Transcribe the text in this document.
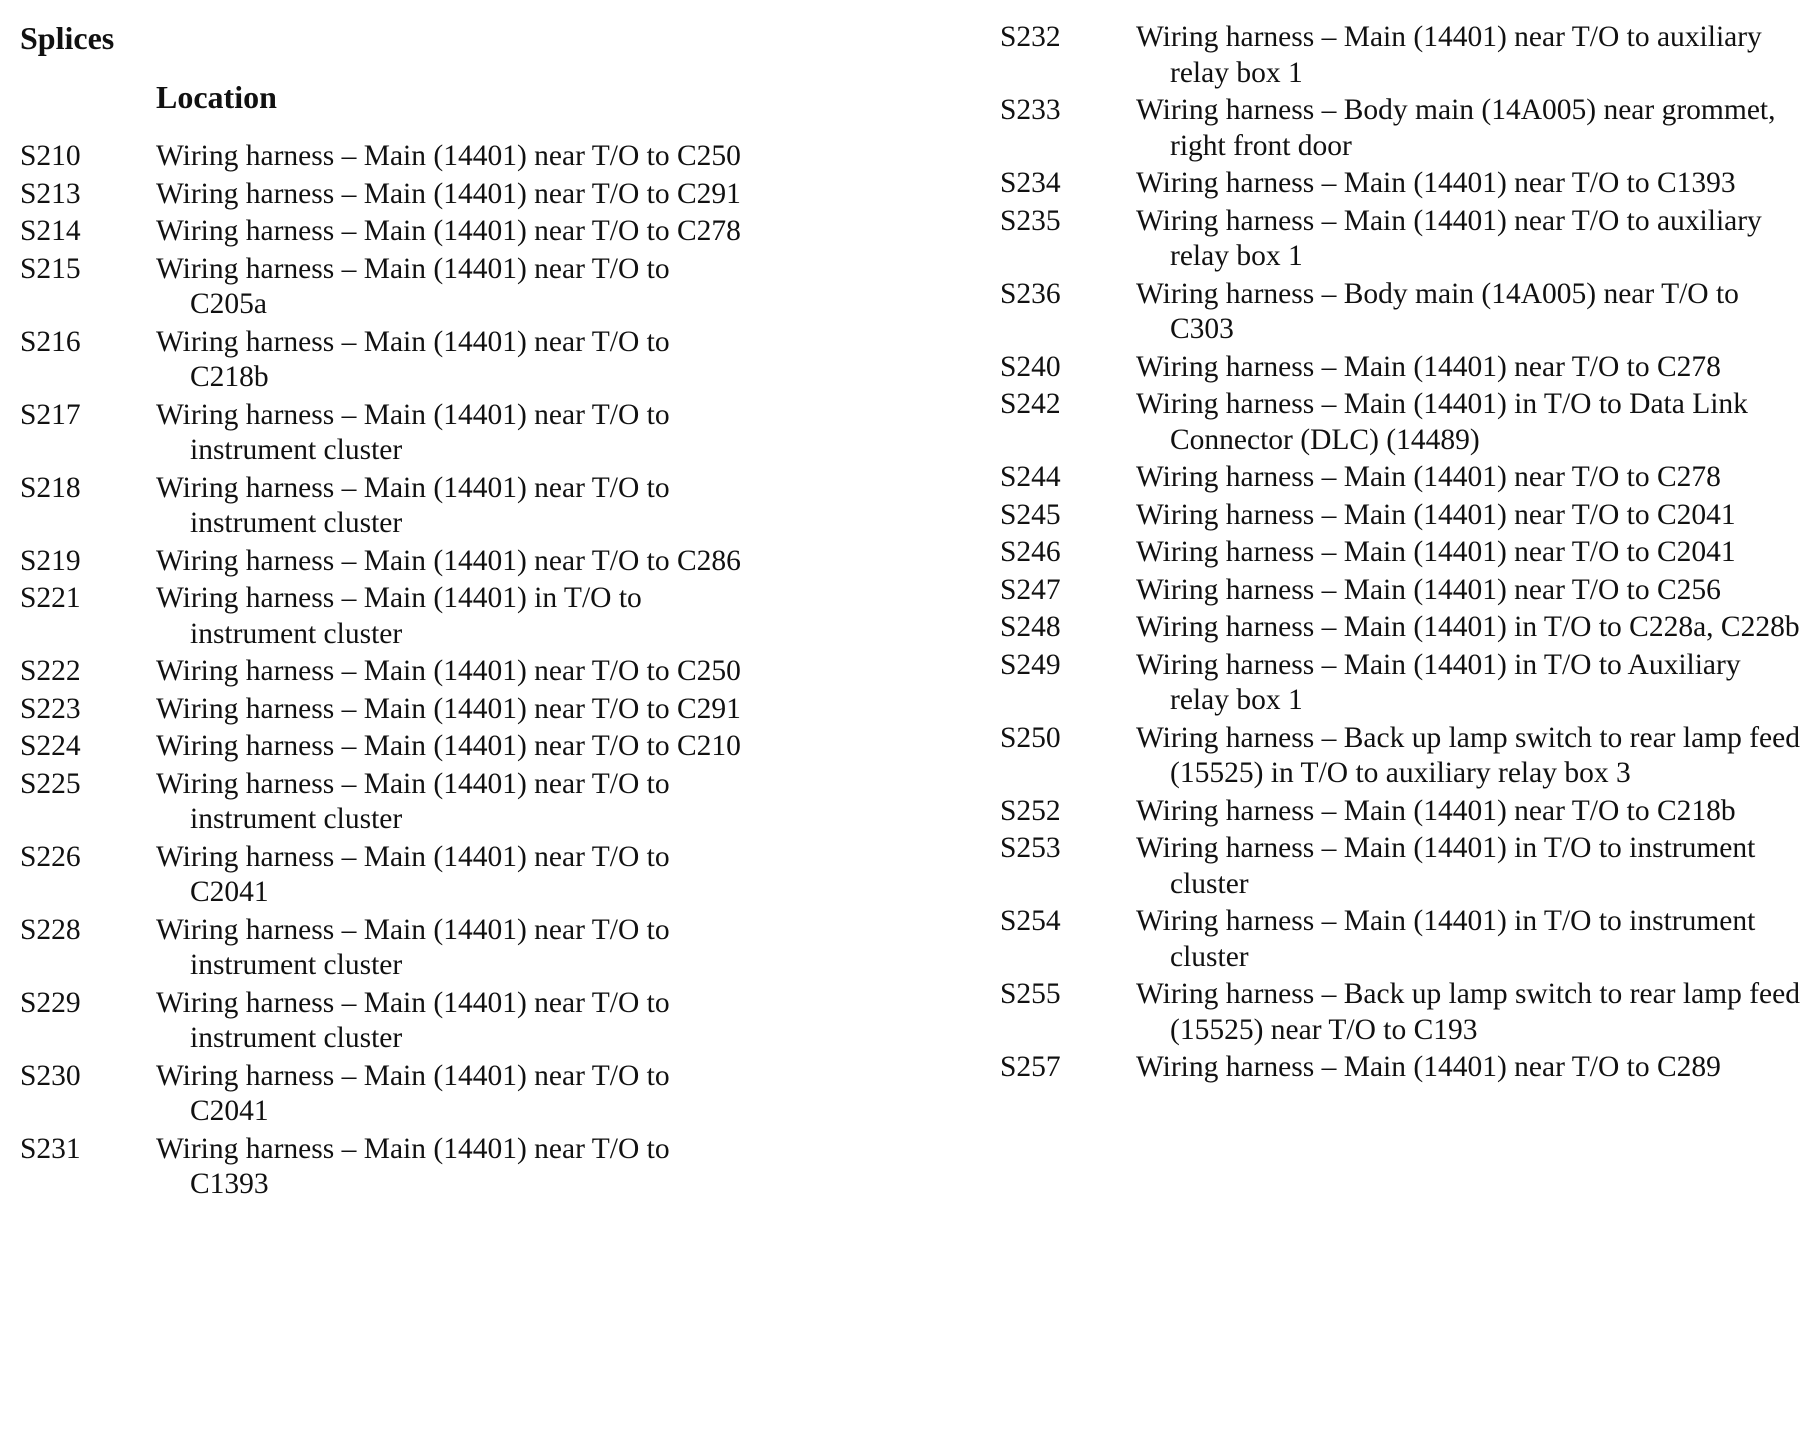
Splices
Location
S210	Wiring harness – Main (14401) near T/O to C250
S213	Wiring harness – Main (14401) near T/O to C291
S214	Wiring harness – Main (14401) near T/O to C278
S215	Wiring harness – Main (14401) near T/O to C205a
S216	Wiring harness – Main (14401) near T/O to C218b
S217	Wiring harness – Main (14401) near T/O to instrument cluster
S218	Wiring harness – Main (14401) near T/O to instrument cluster
S219	Wiring harness – Main (14401) near T/O to C286
S221	Wiring harness – Main (14401) in T/O to instrument cluster
S222	Wiring harness – Main (14401) near T/O to C250
S223	Wiring harness – Main (14401) near T/O to C291
S224	Wiring harness – Main (14401) near T/O to C210
S225	Wiring harness – Main (14401) near T/O to instrument cluster
S226	Wiring harness – Main (14401) near T/O to C2041
S228	Wiring harness – Main (14401) near T/O to instrument cluster
S229	Wiring harness – Main (14401) near T/O to instrument cluster
S230	Wiring harness – Main (14401) near T/O to C2041
S231	Wiring harness – Main (14401) near T/O to C1393
S232	Wiring harness – Main (14401) near T/O to auxiliary relay box 1
S233	Wiring harness – Body main (14A005) near grommet, right front door
S234	Wiring harness – Main (14401) near T/O to C1393
S235	Wiring harness – Main (14401) near T/O to auxiliary relay box 1
S236	Wiring harness – Body main (14A005) near T/O to C303
S240	Wiring harness – Main (14401) near T/O to C278
S242	Wiring harness – Main (14401) in T/O to Data Link Connector (DLC) (14489)
S244	Wiring harness – Main (14401) near T/O to C278
S245	Wiring harness – Main (14401) near T/O to C2041
S246	Wiring harness – Main (14401) near T/O to C2041
S247	Wiring harness – Main (14401) near T/O to C256
S248	Wiring harness – Main (14401) in T/O to C228a, C228b
S249	Wiring harness – Main (14401) in T/O to Auxiliary relay box 1
S250	Wiring harness – Back up lamp switch to rear lamp feed (15525) in T/O to auxiliary relay box 3
S252	Wiring harness – Main (14401) near T/O to C218b
S253	Wiring harness – Main (14401) in T/O to instrument cluster
S254	Wiring harness – Main (14401) in T/O to instrument cluster
S255	Wiring harness – Back up lamp switch to rear lamp feed (15525) near T/O to C193
S257	Wiring harness – Main (14401) near T/O to C289
